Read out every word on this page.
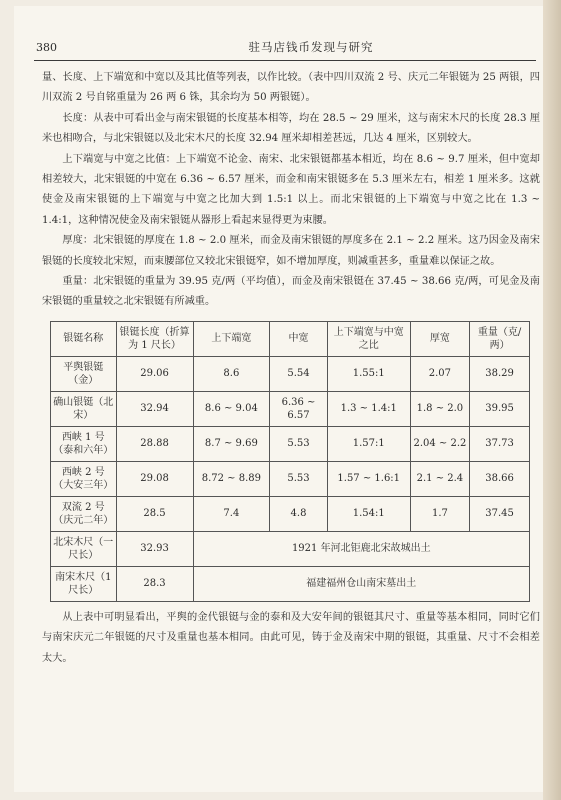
380	驻马店钱币发现与研究

量、长度、上下端宽和中宽以及其比值等列表，以作比较。（表中四川双流 2 号、庆元二年银铤为 25 两银，四川双流 2 号自铭重量为 26 两 6 铢，其余均为 50 两银铤）。

长度：从表中可看出金与南宋银铤的长度基本相等，均在 28.5 ~ 29 厘米，这与南宋木尺的长度 28.3 厘米也相吻合，与北宋银铤以及北宋木尺的长度 32.94 厘米却相差甚远，几达 4 厘米，区别较大。

上下端宽与中宽之比值：上下端宽不论金、南宋、北宋银铤都基本相近，均在 8.6 ~ 9.7 厘米，但中宽却相差较大，北宋银铤的中宽在 6.36 ~ 6.57 厘米，而金和南宋银铤多在 5.3 厘米左右，相差 1 厘米多。这就使金及南宋银铤的上下端宽与中宽之比加大到 1.5:1 以上。而北宋银铤的上下端宽与中宽之比在 1.3 ~ 1.4:1，这种情况使金及南宋银铤从器形上看起来显得更为束腰。

厚度：北宋银铤的厚度在 1.8 ~ 2.0 厘米，而金及南宋银铤的厚度多在 2.1 ~ 2.2 厘米。这乃因金及南宋银铤的长度较北宋短，而束腰部位又较北宋银铤窄，如不增加厚度，则减重甚多，重量难以保证之故。

重量：北宋银铤的重量为 39.95 克/两（平均值），而金及南宋银铤在 37.45 ~ 38.66 克/两，可见金及南宋银铤的重量较之北宋银铤有所减重。

银铤名称	银铤长度（折算为 1 尺长）	上下端宽	中宽	上下端宽与中宽之比	厚宽	重量（克/两）
平舆银铤（金）	29.06	8.6	5.54	1.55:1	2.07	38.29
确山银铤（北宋）	32.94	8.6 ~ 9.04	6.36 ~ 6.57	1.3 ~ 1.4:1	1.8 ~ 2.0	39.95
西峡 1 号（泰和六年）	28.88	8.7 ~ 9.69	5.53	1.57:1	2.04 ~ 2.2	37.73
西峡 2 号（大安三年）	29.08	8.72 ~ 8.89	5.53	1.57 ~ 1.6:1	2.1 ~ 2.4	38.66
双流 2 号（庆元二年）	28.5	7.4	4.8	1.54:1	1.7	37.45
北宋木尺（一尺长）	32.93	1921 年河北钜鹿北宋故城出土				
南宋木尺（1 尺长）	28.3	福建福州仓山南宋墓出土				

从上表中可明显看出，平舆的金代银铤与金的泰和及大安年间的银铤其尺寸、重量等基本相同，同时它们与南宋庆元二年银铤的尺寸及重量也基本相同。由此可见，铸于金及南宋中期的银铤，其重量、尺寸不会相差太大。
